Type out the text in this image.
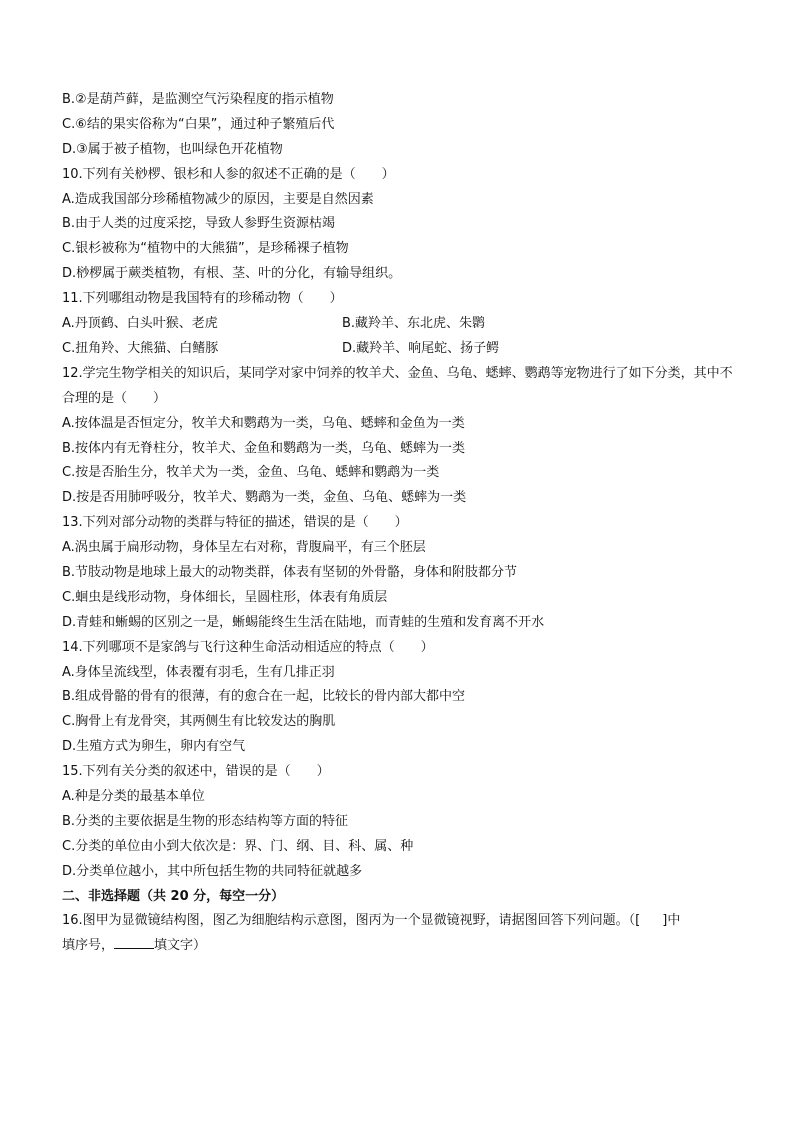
B.②是葫芦藓，是监测空气污染程度的指示植物
C.⑥结的果实俗称为“白果”，通过种子繁殖后代
D.③属于被子植物，也叫绿色开花植物
10.下列有关桫椤、银杉和人参的叙述不正确的是（　　）
A.造成我国部分珍稀植物减少的原因，主要是自然因素
B.由于人类的过度采挖，导致人参野生资源枯竭
C.银杉被称为“植物中的大熊猫”，是珍稀裸子植物
D.桫椤属于蕨类植物，有根、茎、叶的分化，有输导组织。
11.下列哪组动物是我国特有的珍稀动物（　　）
A.丹顶鹤、白头叶猴、老虎	B.藏羚羊、东北虎、朱鹮
C.扭角羚、大熊猫、白鳍豚	D.藏羚羊、响尾蛇、扬子鳄
12.学完生物学相关的知识后，某同学对家中饲养的牧羊犬、金鱼、乌龟、蟋蟀、鹦鹉等宠物进行了如下分类，其中不合理的是（　　）
A.按体温是否恒定分，牧羊犬和鹦鹉为一类，乌龟、蟋蟀和金鱼为一类
B.按体内有无脊柱分，牧羊犬、金鱼和鹦鹉为一类，乌龟、蟋蟀为一类
C.按是否胎生分，牧羊犬为一类，金鱼、乌龟、蟋蟀和鹦鹉为一类
D.按是否用肺呼吸分，牧羊犬、鹦鹉为一类，金鱼、乌龟、蟋蟀为一类
13.下列对部分动物的类群与特征的描述，错误的是（　　）
A.涡虫属于扁形动物，身体呈左右对称，背腹扁平，有三个胚层
B.节肢动物是地球上最大的动物类群，体表有坚韧的外骨骼，身体和附肢都分节
C.蛔虫是线形动物，身体细长，呈圆柱形，体表有角质层
D.青蛙和蜥蜴的区别之一是，蜥蜴能终生生活在陆地，而青蛙的生殖和发育离不开水
14.下列哪项不是家鸽与飞行这种生命活动相适应的特点（　　）
A.身体呈流线型，体表覆有羽毛，生有几排正羽
B.组成骨骼的骨有的很薄，有的愈合在一起，比较长的骨内部大都中空
C.胸骨上有龙骨突，其两侧生有比较发达的胸肌
D.生殖方式为卵生，卵内有空气
15.下列有关分类的叙述中，错误的是（　　）
A.种是分类的最基本单位
B.分类的主要依据是生物的形态结构等方面的特征
C.分类的单位由小到大依次是：界、门、纲、目、科、属、种
D.分类单位越小，其中所包括生物的共同特征就越多
二、非选择题（共 20 分，每空一分）
16.图甲为显微镜结构图，图乙为细胞结构示意图，图丙为一个显微镜视野，请据图回答下列问题。（[ ]中
填序号，	填文字）
